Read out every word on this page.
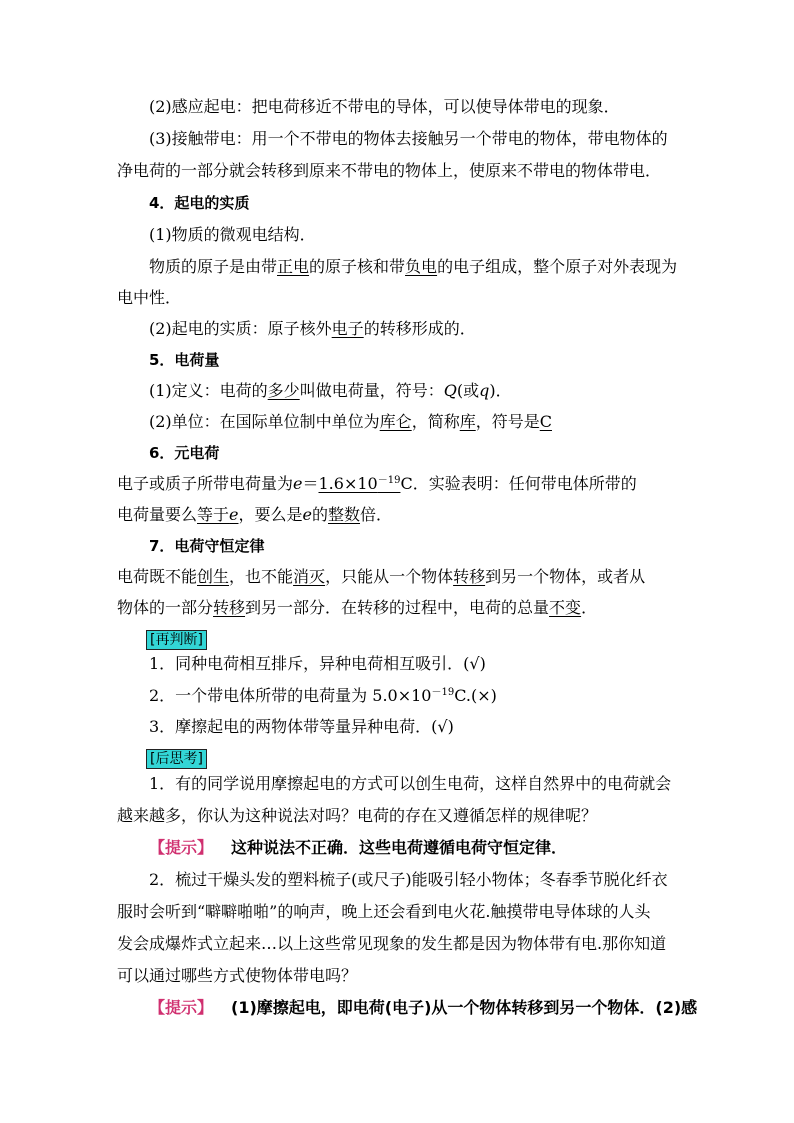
(2)感应起电：把电荷移近不带电的导体，可以使导体带电的现象．
(3)接触带电：用一个不带电的物体去接触另一个带电的物体，带电物体的
净电荷的一部分就会转移到原来不带电的物体上，使原来不带电的物体带电．
4．起电的实质
(1)物质的微观电结构．
物质的原子是由带正电的原子核和带负电的电子组成，整个原子对外表现为
电中性．
(2)起电的实质：原子核外电子的转移形成的．
5．电荷量
(1)定义：电荷的多少叫做电荷量，符号：Q(或q)．
(2)单位：在国际单位制中单位为库仑，简称库，符号是C
6．元电荷
电子或质子所带电荷量为$e=1.6\times 10^{-19}C$．实验表明：任何带电体所带的
电荷量要么等于e，要么是e的整数倍．
7．电荷守恒定律
电荷既不能创生，也不能消灭，只能从一个物体转移到另一个物体，或者从
物体的一部分转移到另一部分．在转移的过程中，电荷的总量不变．
[再判断]
1．同种电荷相互排斥，异种电荷相互吸引．(√)
2．一个带电体所带的电荷量为 $5.0\times 10^{-19}C.(\times)$
3．摩擦起电的两物体带等量异种电荷．(√)
[后思考]
1．有的同学说用摩擦起电的方式可以创生电荷，这样自然界中的电荷就会
越来越多，你认为这种说法对吗？电荷的存在又遵循怎样的规律呢？
【提示】 这种说法不正确．这些电荷遵循电荷守恒定律．
2．梳过干燥头发的塑料梳子(或尺子)能吸引轻小物体；冬春季节脱化纤衣
服时会听到“噼噼啪啪”的响声，晚上还会看到电火花.触摸带电导体球的人头
发会成爆炸式立起来…以上这些常见现象的发生都是因为物体带有电.那你知道
可以通过哪些方式使物体带电吗？
【提示】 (1)摩擦起电，即电荷(电子)从一个物体转移到另一个物体．(2)感
